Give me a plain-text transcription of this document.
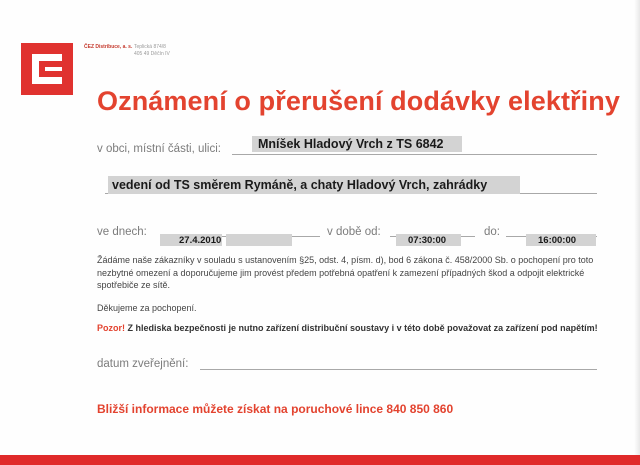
ČEZ Distribuce, a. s. Teplická 874/8
405 49 Děčín IV
Oznámení o přerušení dodávky elektřiny
v obci, místní části, ulici:	Mníšek Hladový Vrch z TS 6842
vedení od TS směrem Rymáně, a chaty Hladový Vrch, zahrádky
ve dnech:
27.4.2010
v době od:
07:30:00
do:
16:00:00
Žádáme naše zákazníky v souladu s ustanovením §25, odst. 4, písm. d), bod 6 zákona č. 458/2000 Sb. o pochopení pro toto nezbytné omezení a doporučujeme jim provést předem potřebná opatření k zamezení případných škod a odpojit elektrické spotřebiče ze sítě.
Děkujeme za pochopení.
Pozor! Z hlediska bezpečnosti je nutno zařízení distribuční soustavy i v této době považovat za zařízení pod napětím!
datum zveřejnění:
Bližší informace můžete získat na poruchové lince 840 850 860
